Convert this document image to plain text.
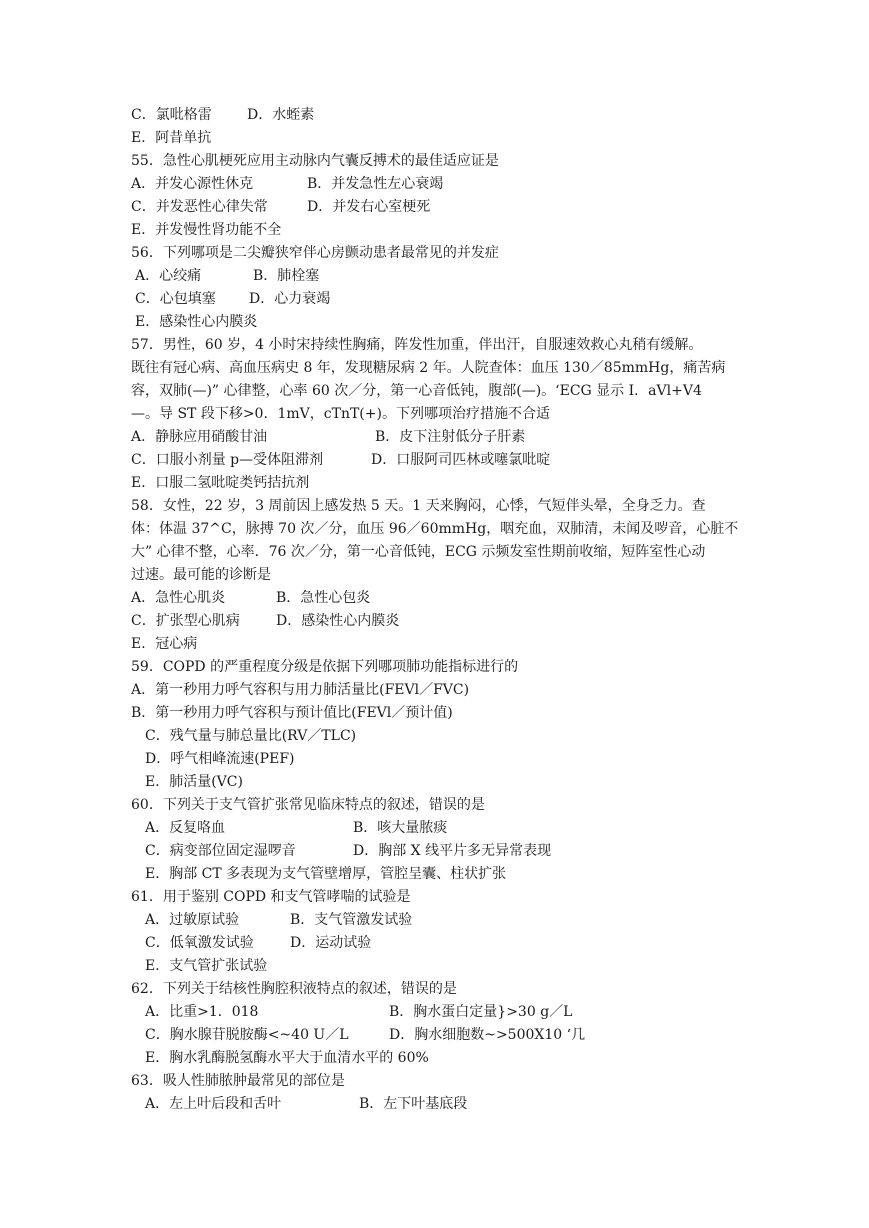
C．氯吡格雷	D．水蛭素
E．阿昔单抗
55．急性心肌梗死应用主动脉内气囊反搏术的最佳适应证是
A．并发心源性休克	B．并发急性左心衰竭
C．并发恶性心律失常	D．并发右心室梗死
E．并发慢性肾功能不全
56．下列哪项是二尖瓣狭窄伴心房颤动患者最常见的并发症
A．心绞痛	B．肺栓塞
C．心包填塞 D．心力衰竭
E．感染性心内膜炎
57．男性，60 岁，4 小时宋持续性胸痛，阵发性加重，伴出汗，自服速效救心丸稍有缓解。
既往有冠心病、高血压病史 8 年，发现糖尿病 2 年。人院查体：血压 130／85mmHg，痛苦病
容，双肺(—)” 心律整，心率 60 次／分，第一心音低钝，腹部(—)。‘ECG 显示 I．aVl+V4
—。导 ST 段下移>0．1mV，cTnT(+)。下列哪项治疗措施不合适
A．静脉应用硝酸甘油	B．皮下注射低分子肝素
C．口服小剂量 p—受体阻滞剂	D．口服阿司匹林或噻氯吡啶
E．口服二氢吡啶类钙拮抗剂
58．女性，22 岁，3 周前因上感发热 5 天。1 天来胸闷，心悸，气短伴头晕，全身乏力。查
体：体温 37^C，脉搏 70 次／分，血压 96／60mmHg，咽充血，双肺清，未闻及哕音，心脏不
大” 心律不整，心率．76 次／分，第一心音低钝，ECG 示频发室性期前收缩，短阵室性心动
过速。最可能的诊断是
A．急性心肌炎	B．急性心包炎
C．扩张型心肌病	D．感染性心内膜炎
E．冠心病
59．COPD 的严重程度分级是依据下列哪项肺功能指标进行的
A．第一秒用力呼气容积与用力肺活量比(FEVl／FVC)
B．第一秒用力呼气容积与预计值比(FEVl／预计值)
C．残气量与肺总量比(RV／TLC)
D．呼气相峰流速(PEF)
E．肺活量(VC)
60．下列关于支气管扩张常见临床特点的叙述，错误的是
A．反复咯血	B．咳大量脓痰
C．病变部位固定湿啰音	D．胸部 X 线平片多无异常表现
E．胸部 CT 多表现为支气管壁增厚，管腔呈囊、柱状扩张
61．用于鉴别 COPD 和支气管哮喘的试验是
A．过敏原试验	B．支气管激发试验
C．低氧激发试验	D．运动试验
E．支气管扩张试验
62．下列关于结核性胸腔积液特点的叙述，错误的是
A．比重>1．018	B．胸水蛋白定量}>30 g／L
C．胸水腺苷脱胺酶<~40 U／L	D．胸水细胞数~>500X10 ‘几
E．胸水乳酶脱氢酶水平大于血清水平的 60%
63．吸人性肺脓肿最常见的部位是
A．左上叶后段和舌叶	B．左下叶基底段
